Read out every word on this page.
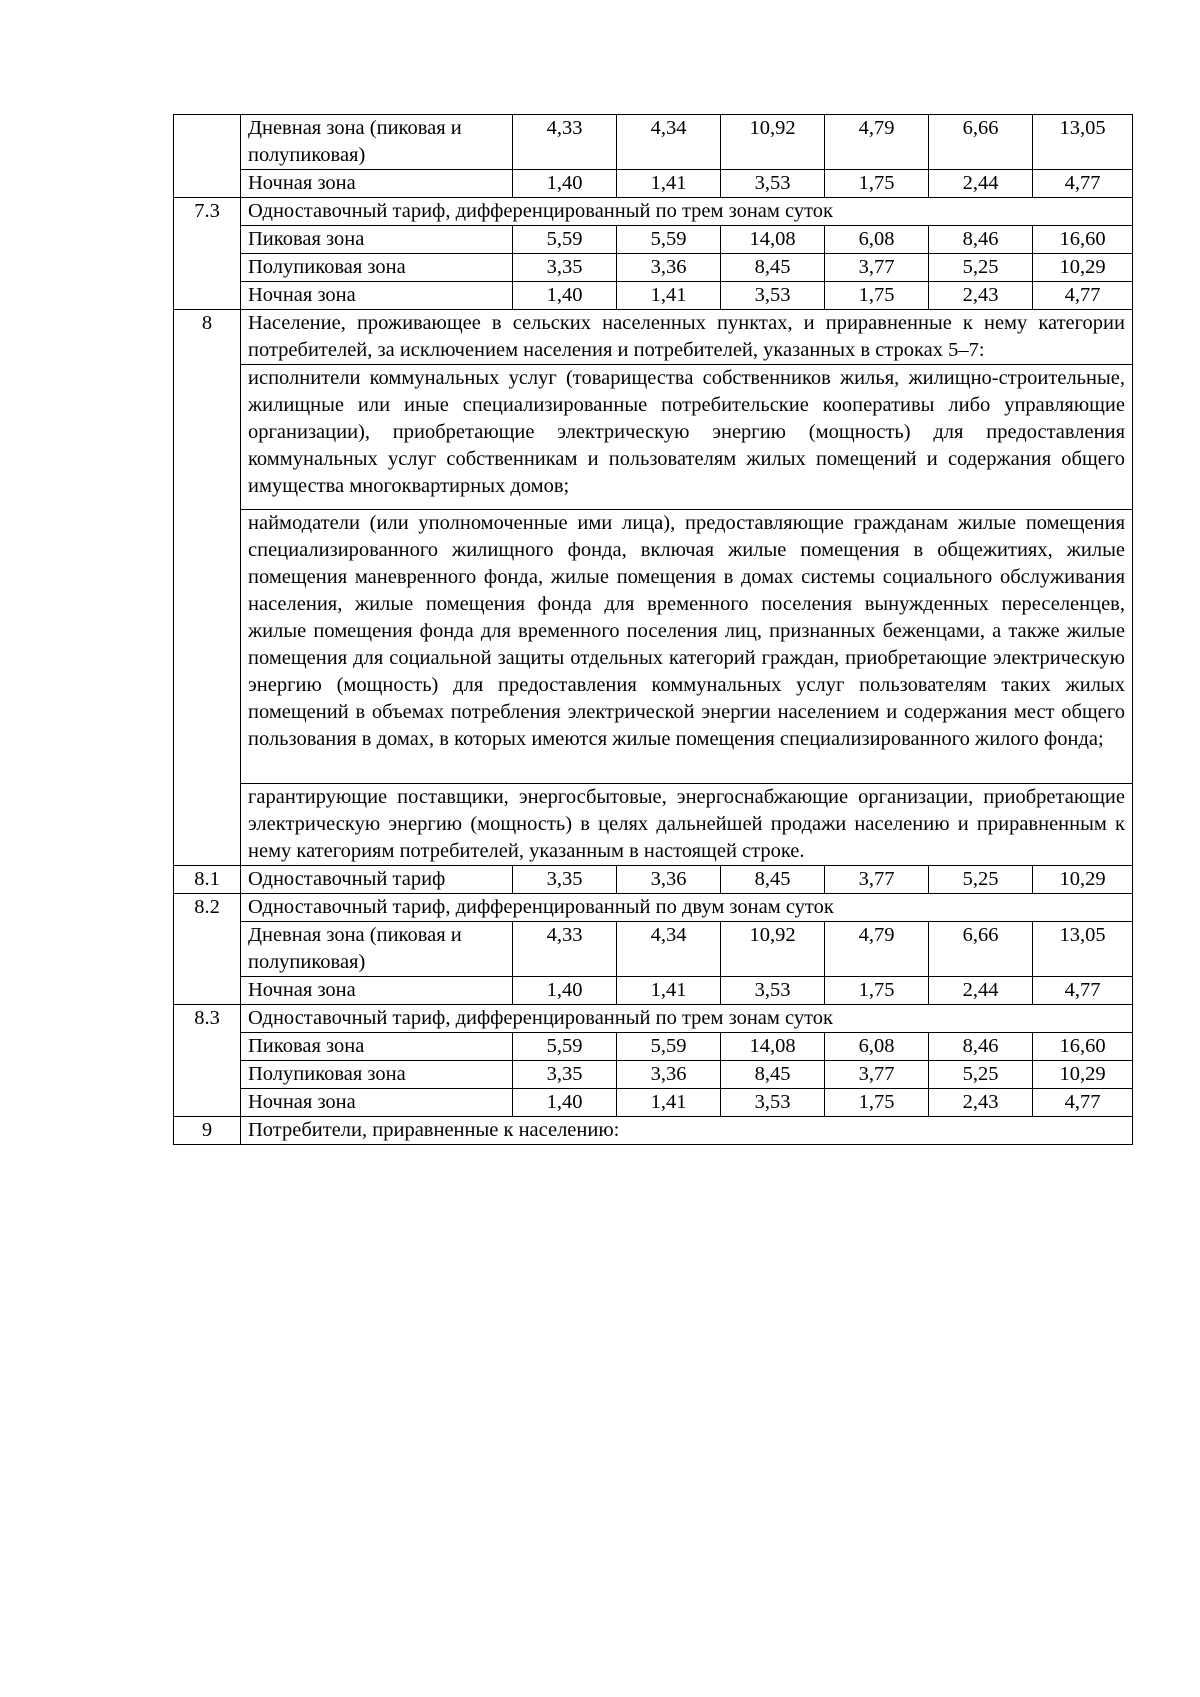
	Дневная зона (пиковая и полупиковая)	4,33	4,34	10,92	4,79	6,66	13,05
	Ночная зона	1,40	1,41	3,53	1,75	2,44	4,77
7.3	Одноставочный тариф, дифференцированный по трем зонам суток						
	Пиковая зона	5,59	5,59	14,08	6,08	8,46	16,60
	Полупиковая зона	3,35	3,36	8,45	3,77	5,25	10,29
	Ночная зона	1,40	1,41	3,53	1,75	2,43	4,77
8	Население, проживающее в сельских населенных пунктах, и приравненные к нему категории потребителей, за исключением населения и потребителей, указанных в строках 5–7:						
	исполнители коммунальных услуг (товарищества собственников жилья, жилищно-строительные, жилищные или иные специализированные потребительские кооперативы либо управляющие организации), приобретающие электрическую энергию (мощность) для предоставления коммунальных услуг собственникам и пользователям жилых помещений и содержания общего имущества многоквартирных домов;						
	наймодатели (или уполномоченные ими лица), предоставляющие гражданам жилые помещения специализированного жилищного фонда, включая жилые помещения в общежитиях, жилые помещения маневренного фонда, жилые помещения в домах системы социального обслуживания населения, жилые помещения фонда для временного поселения вынужденных переселенцев, жилые помещения фонда для временного поселения лиц, признанных беженцами, а также жилые помещения для социальной защиты отдельных категорий граждан, приобретающие электрическую энергию (мощность) для предоставления коммунальных услуг пользователям таких жилых помещений в объемах потребления электрической энергии населением и содержания мест общего пользования в домах, в которых имеются жилые помещения специализированного жилого фонда;						
	гарантирующие поставщики, энергосбытовые, энергоснабжающие организации, приобретающие электрическую энергию (мощность) в целях дальнейшей продажи населению и приравненным к нему категориям потребителей, указанным в настоящей строке.						
8.1	Одноставочный тариф	3,35	3,36	8,45	3,77	5,25	10,29
8.2	Одноставочный тариф, дифференцированный по двум зонам суток						
	Дневная зона (пиковая и полупиковая)	4,33	4,34	10,92	4,79	6,66	13,05
	Ночная зона	1,40	1,41	3,53	1,75	2,44	4,77
8.3	Одноставочный тариф, дифференцированный по трем зонам суток						
	Пиковая зона	5,59	5,59	14,08	6,08	8,46	16,60
	Полупиковая зона	3,35	3,36	8,45	3,77	5,25	10,29
	Ночная зона	1,40	1,41	3,53	1,75	2,43	4,77
9	Потребители, приравненные к населению:						
